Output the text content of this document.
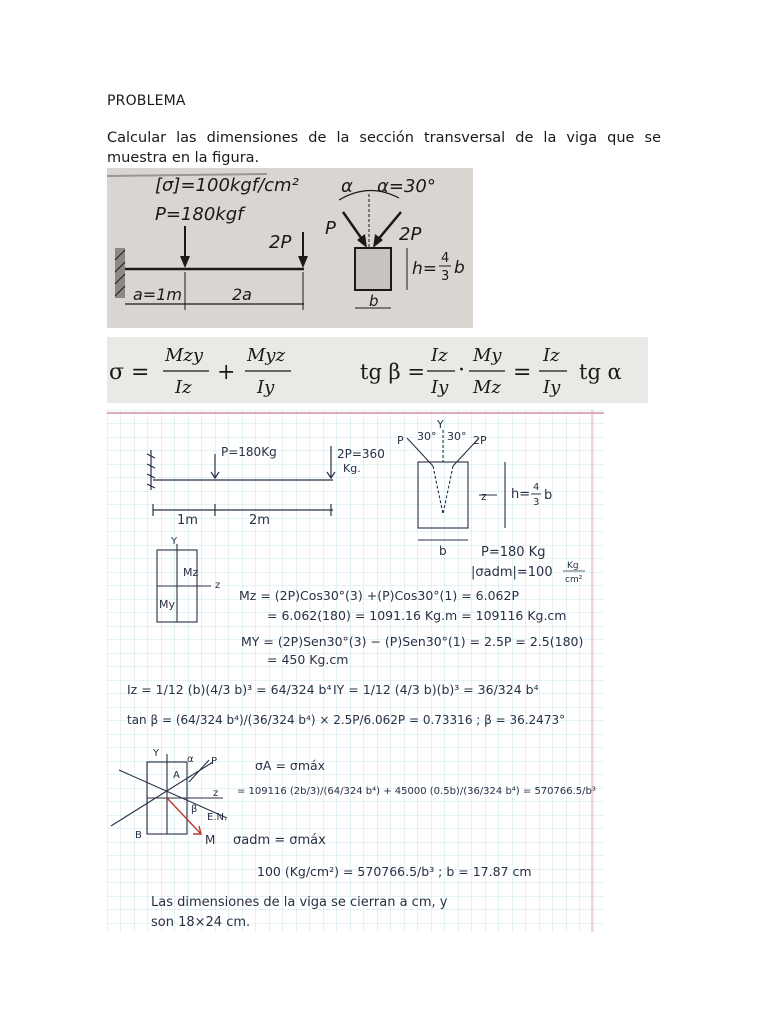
PROBLEMA
Calcular las dimensiones de la sección transversal de la viga que se muestra en la figura.
[σ]=100kgf/cm²
P=180kgf
2P
a=1m	2a
α α=30°
P	2P
h=
4
3 b
b
σ =
Mzy
Iz
+
Myz
Iy
tg β =
Iz
Iy
·
My
Mz
=
Iz
Iy
tg α
P=180Kg	2P=360
Kg.
1m	2m
P 30°
Y
30° 2P
h= 4
3 b
z
b	P=180 Kg
|σadm|=100 Kg
cm²
Y
Mz
My
z
Mz = (2P)Cos30°(3) +(P)Cos30°(1) = 6.062P
= 6.062(180) = 1091.16 Kg.m = 109116 Kg.cm
MY = (2P)Sen30°(3) − (P)Sen30°(1) = 2.5P = 2.5(180)
= 450 Kg.cm
Iz = 1/12 (b)(4/3 b)³ = 64/324 b⁴ IY = 1/12 (4/3 b)(b)³ = 36/324 b⁴
tan β = (64/324 b⁴)/(36/324 b⁴) × 2.5P/6.062P = 0.73316 ; β = 36.2473°
Y
α P
A
z
β
E.N.
B	M
σA = σmáx
= 109116 (2b/3)/(64/324 b⁴) + 45000 (0.5b)/(36/324 b⁴) = 570766.5/b³
σadm = σmáx
100 (Kg/cm²) = 570766.5/b³ ; b = 17.87 cm
Las dimensiones de la viga se cierran a cm, y
son 18×24 cm.
